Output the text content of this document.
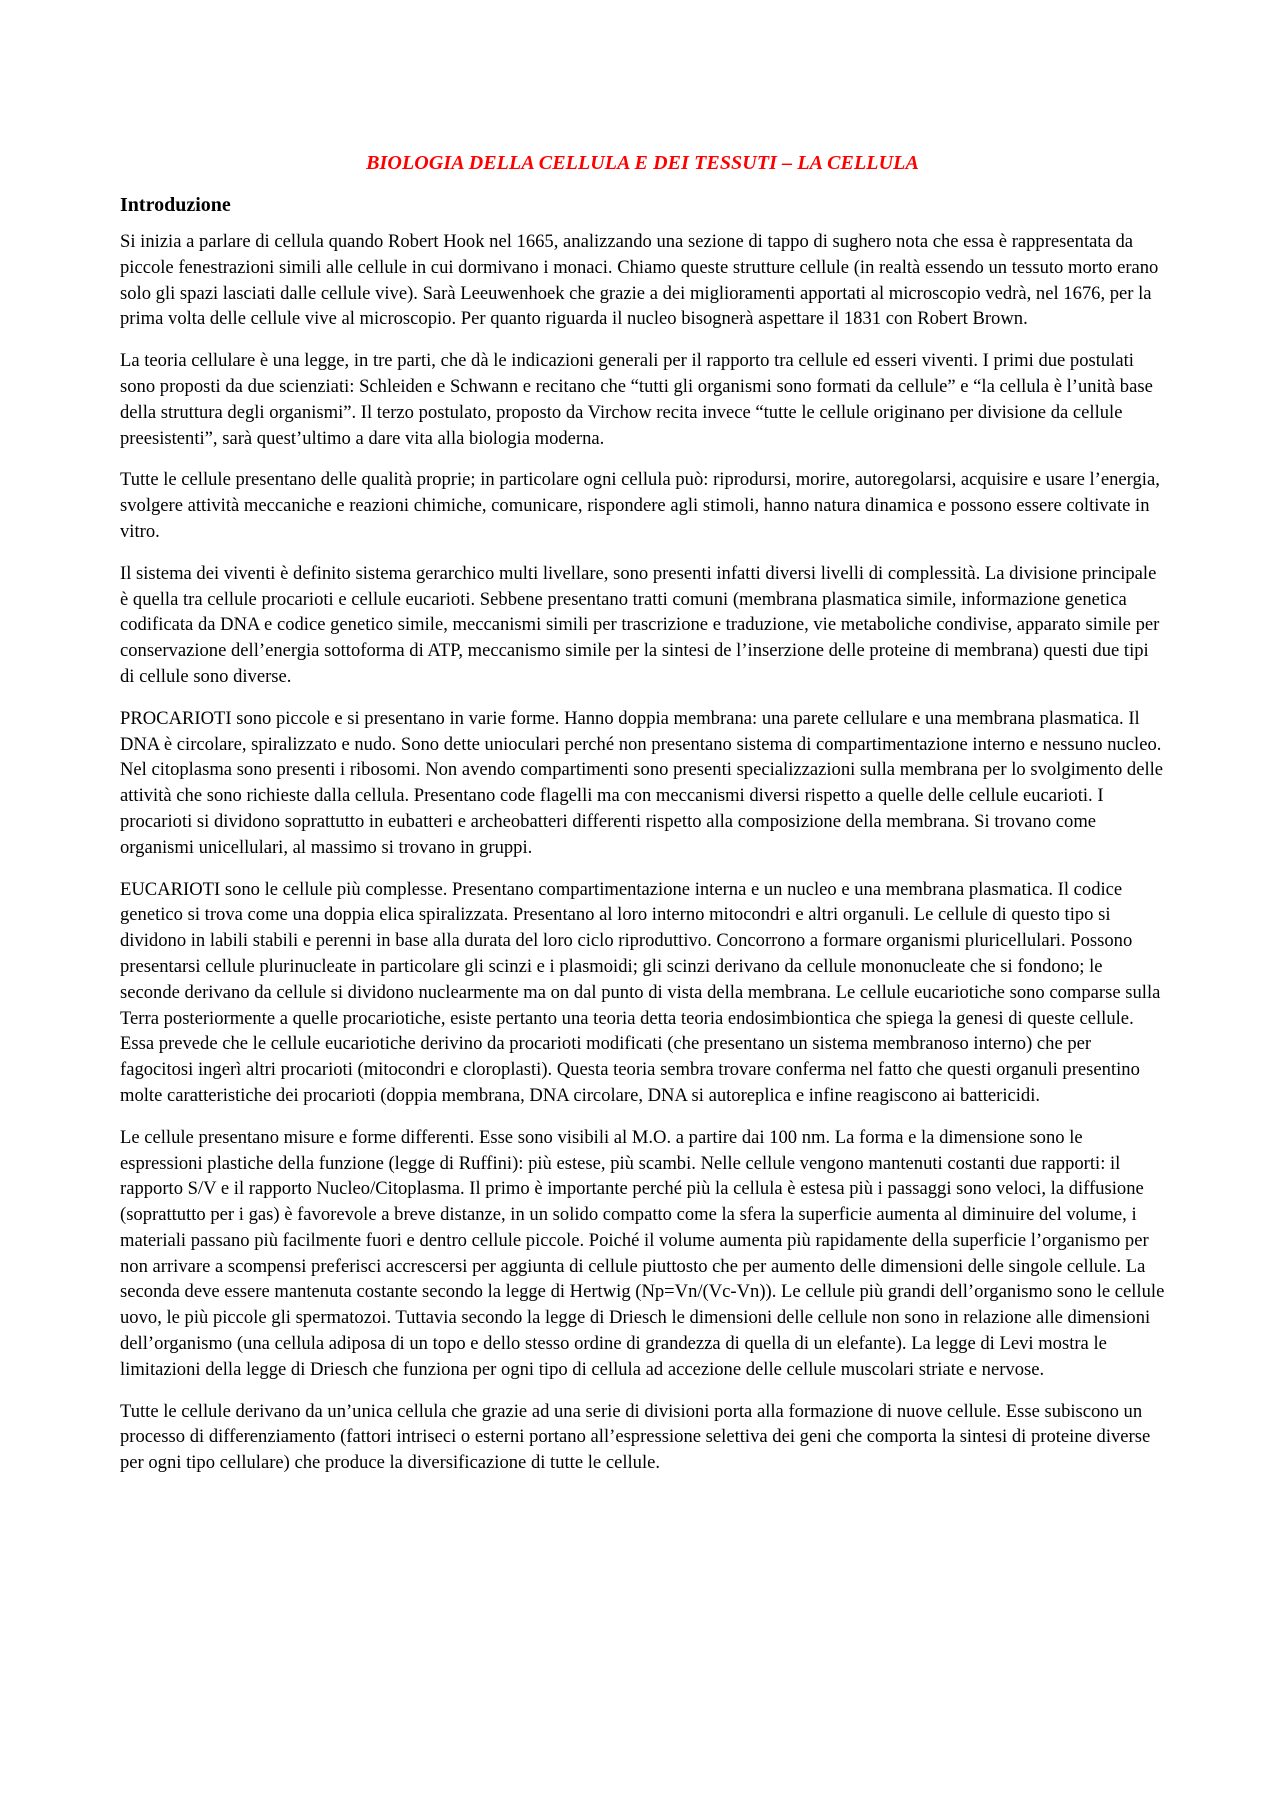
BIOLOGIA DELLA CELLULA E DEI TESSUTI – LA CELLULA
Introduzione

Si inizia a parlare di cellula quando Robert Hook nel 1665, analizzando una sezione di tappo di sughero nota che essa è rappresentata da piccole fenestrazioni simili alle cellule in cui dormivano i monaci. Chiamo queste strutture cellule (in realtà essendo un tessuto morto erano solo gli spazi lasciati dalle cellule vive). Sarà Leeuwenhoek che grazie a dei miglioramenti apportati al microscopio vedrà, nel 1676, per la prima volta delle cellule vive al microscopio. Per quanto riguarda il nucleo bisognerà aspettare il 1831 con Robert Brown.

La teoria cellulare è una legge, in tre parti, che dà le indicazioni generali per il rapporto tra cellule ed esseri viventi. I primi due postulati sono proposti da due scienziati: Schleiden e Schwann e recitano che “tutti gli organismi sono formati da cellule” e “la cellula è l’unità base della struttura degli organismi”. Il terzo postulato, proposto da Virchow recita invece “tutte le cellule originano per divisione da cellule preesistenti”, sarà quest’ultimo a dare vita alla biologia moderna.

Tutte le cellule presentano delle qualità proprie; in particolare ogni cellula può: riprodursi, morire, autoregolarsi, acquisire e usare l’energia, svolgere attività meccaniche e reazioni chimiche, comunicare, rispondere agli stimoli, hanno natura dinamica e possono essere coltivate in vitro.

Il sistema dei viventi è definito sistema gerarchico multi livellare, sono presenti infatti diversi livelli di complessità. La divisione principale è quella tra cellule procarioti e cellule eucarioti. Sebbene presentano tratti comuni (membrana plasmatica simile, informazione genetica codificata da DNA e codice genetico simile, meccanismi simili per trascrizione e traduzione, vie metaboliche condivise, apparato simile per conservazione dell’energia sottoforma di ATP, meccanismo simile per la sintesi de l’inserzione delle proteine di membrana) questi due tipi di cellule sono diverse.

PROCARIOTI sono piccole e si presentano in varie forme. Hanno doppia membrana: una parete cellulare e una membrana plasmatica. Il DNA è circolare, spiralizzato e nudo. Sono dette unioculari perché non presentano sistema di compartimentazione interno e nessuno nucleo. Nel citoplasma sono presenti i ribosomi. Non avendo compartimenti sono presenti specializzazioni sulla membrana per lo svolgimento delle attività che sono richieste dalla cellula. Presentano code flagelli ma con meccanismi diversi rispetto a quelle delle cellule eucarioti. I procarioti si dividono soprattutto in eubatteri e archeobatteri differenti rispetto alla composizione della membrana. Si trovano come organismi unicellulari, al massimo si trovano in gruppi.

EUCARIOTI sono le cellule più complesse. Presentano compartimentazione interna e un nucleo e una membrana plasmatica. Il codice genetico si trova come una doppia elica spiralizzata. Presentano al loro interno mitocondri e altri organuli. Le cellule di questo tipo si dividono in labili stabili e perenni in base alla durata del loro ciclo riproduttivo. Concorrono a formare organismi pluricellulari. Possono presentarsi cellule plurinucleate in particolare gli scinzi e i plasmoidi; gli scinzi derivano da cellule mononucleate che si fondono; le seconde derivano da cellule si dividono nuclearmente ma on dal punto di vista della membrana. Le cellule eucariotiche sono comparse sulla Terra posteriormente a quelle procariotiche, esiste pertanto una teoria detta teoria endosimbiontica che spiega la genesi di queste cellule. Essa prevede che le cellule eucariotiche derivino da procarioti modificati (che presentano un sistema membranoso interno) che per fagocitosi ingerì altri procarioti (mitocondri e cloroplasti). Questa teoria sembra trovare conferma nel fatto che questi organuli presentino molte caratteristiche dei procarioti (doppia membrana, DNA circolare, DNA si autoreplica e infine reagiscono ai battericidi.

Le cellule presentano misure e forme differenti. Esse sono visibili al M.O. a partire dai 100 nm. La forma e la dimensione sono le espressioni plastiche della funzione (legge di Ruffini): più estese, più scambi. Nelle cellule vengono mantenuti costanti due rapporti: il rapporto S/V e il rapporto Nucleo/Citoplasma. Il primo è importante perché più la cellula è estesa più i passaggi sono veloci, la diffusione (soprattutto per i gas) è favorevole a breve distanze, in un solido compatto come la sfera la superficie aumenta al diminuire del volume, i materiali passano più facilmente fuori e dentro cellule piccole. Poiché il volume aumenta più rapidamente della superficie l’organismo per non arrivare a scompensi preferisci accrescersi per aggiunta di cellule piuttosto che per aumento delle dimensioni delle singole cellule. La seconda deve essere mantenuta costante secondo la legge di Hertwig (Np=Vn/(Vc-Vn)). Le cellule più grandi dell’organismo sono le cellule uovo, le più piccole gli spermatozoi. Tuttavia secondo la legge di Driesch le dimensioni delle cellule non sono in relazione alle dimensioni dell’organismo (una cellula adiposa di un topo e dello stesso ordine di grandezza di quella di un elefante). La legge di Levi mostra le limitazioni della legge di Driesch che funziona per ogni tipo di cellula ad accezione delle cellule muscolari striate e nervose.

Tutte le cellule derivano da un’unica cellula che grazie ad una serie di divisioni porta alla formazione di nuove cellule. Esse subiscono un processo di differenziamento (fattori intriseci o esterni portano all’espressione selettiva dei geni che comporta la sintesi di proteine diverse per ogni tipo cellulare) che produce la diversificazione di tutte le cellule.
